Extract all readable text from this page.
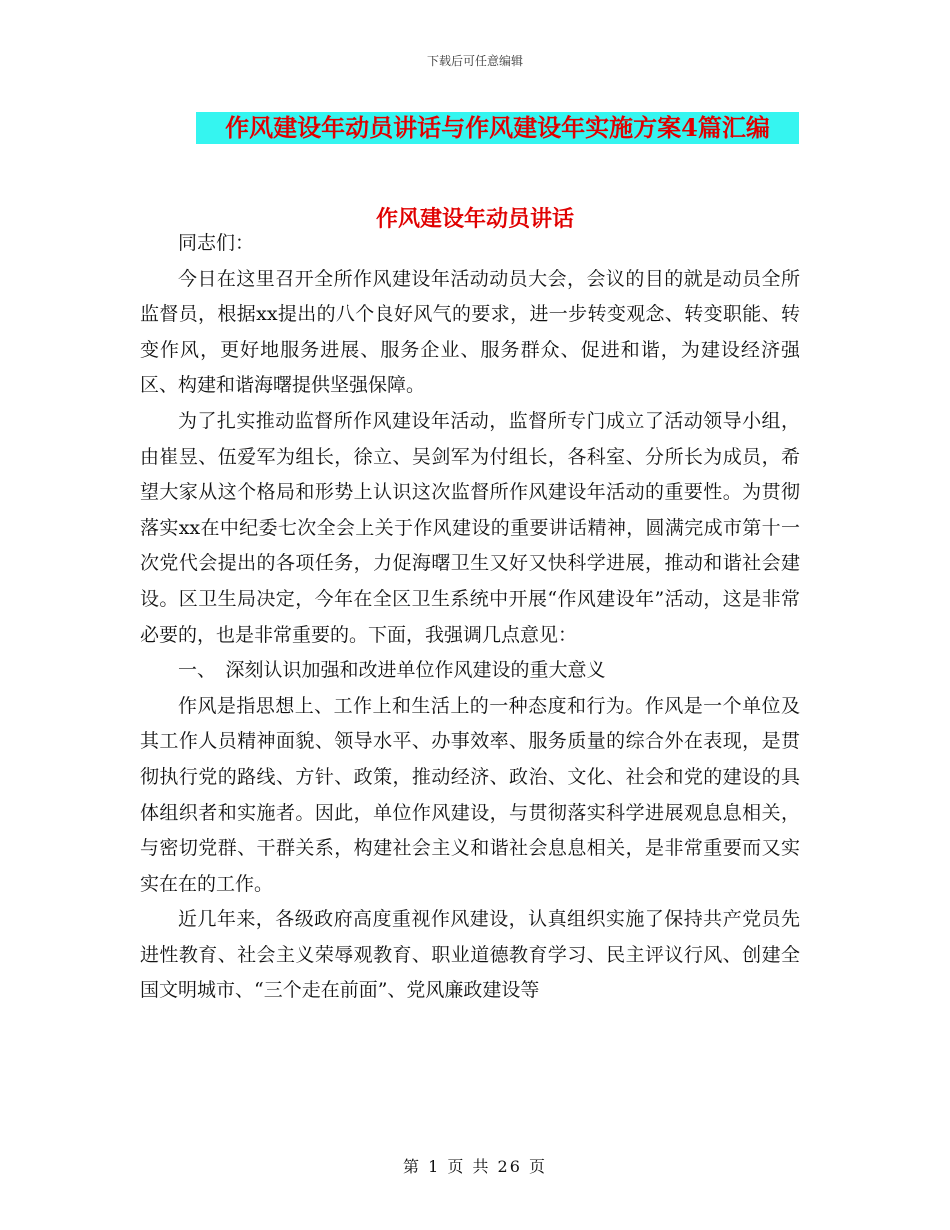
下载后可任意编辑
作风建设年动员讲话与作风建设年实施方案4篇汇编
作风建设年动员讲话

同志们：

今日在这里召开全所作风建设年活动动员大会，会议的目的就是动员全所监督员，根据xx提出的八个良好风气的要求，进一步转变观念、转变职能、转变作风，更好地服务进展、服务企业、服务群众、促进和谐，为建设经济强区、构建和谐海曙提供坚强保障。

为了扎实推动监督所作风建设年活动，监督所专门成立了活动领导小组，由崔昱、伍爱军为组长，徐立、吴剑军为付组长，各科室、分所长为成员，希望大家从这个格局和形势上认识这次监督所作风建设年活动的重要性。为贯彻落实xx在中纪委七次全会上关于作风建设的重要讲话精神，圆满完成市第十一次党代会提出的各项任务，力促海曙卫生又好又快科学进展，推动和谐社会建设。区卫生局决定，今年在全区卫生系统中开展“作风建设年”活动，这是非常必要的，也是非常重要的。下面，我强调几点意见：

一、　深刻认识加强和改进单位作风建设的重大意义

作风是指思想上、工作上和生活上的一种态度和行为。作风是一个单位及其工作人员精神面貌、领导水平、办事效率、服务质量的综合外在表现，是贯彻执行党的路线、方针、政策，推动经济、政治、文化、社会和党的建设的具体组织者和实施者。因此，单位作风建设，与贯彻落实科学进展观息息相关，与密切党群、干群关系，构建社会主义和谐社会息息相关，是非常重要而又实实在在的工作。

近几年来，各级政府高度重视作风建设，认真组织实施了保持共产党员先进性教育、社会主义荣辱观教育、职业道德教育学习、民主评议行风、创建全国文明城市、“三个走在前面”、党风廉政建设等

第 1 页 共 26 页
